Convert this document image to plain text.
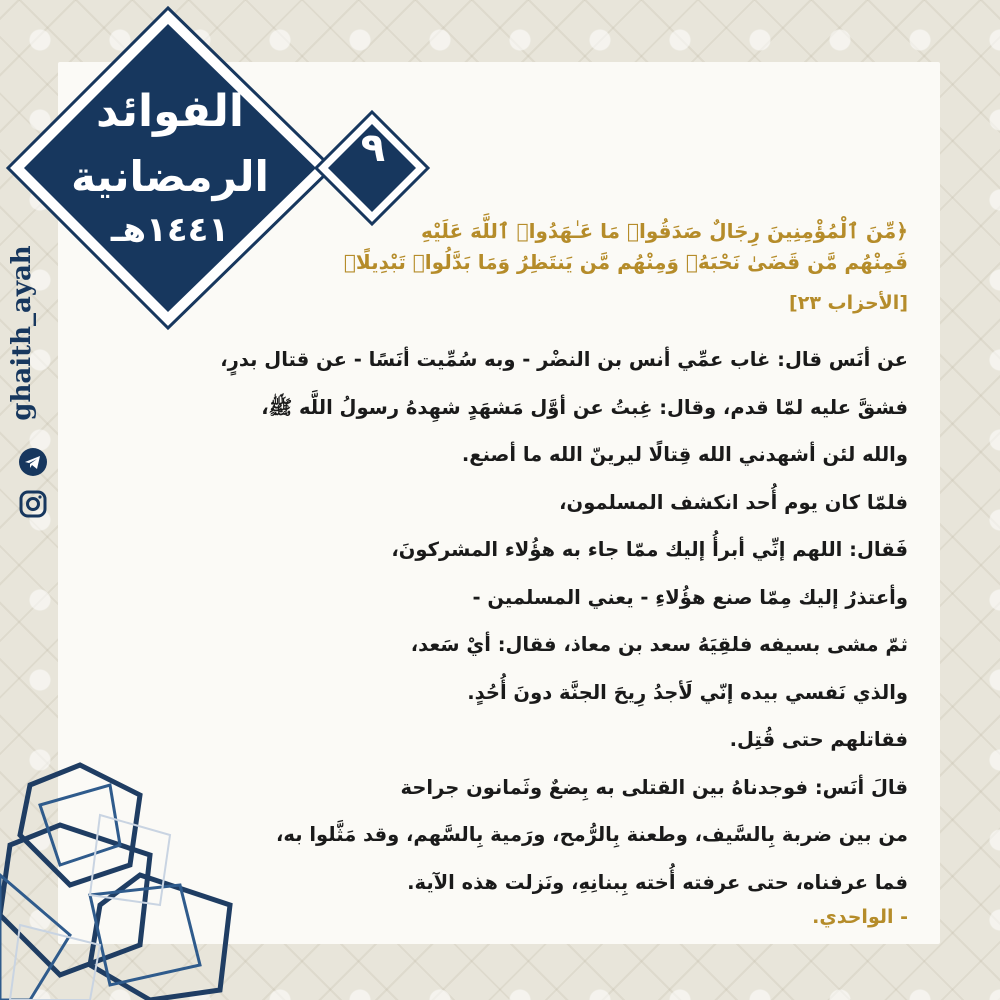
الفوائد
الرمضانية
١٤٤١هـ
٩
ghaith_ayah
﴿مِّنَ ٱلْمُؤْمِنِينَ رِجَالٌ صَدَقُوا۟ مَا عَـٰهَدُوا۟ ٱللَّهَ عَلَيْهِ
فَمِنْهُم مَّن قَضَىٰ نَحْبَهُۥ وَمِنْهُم مَّن يَنتَظِرُ وَمَا بَدَّلُوا۟ تَبْدِيلًا﴾
[الأحزاب ٢٣]
عن أنَس قال: غاب عمِّي أنس بن النضْر - وبه سُمِّيت أنَسًا - عن قتال بدرٍ،
فشقَّ عليه لمّا قدم، وقال: غِبتُ عن أوَّل مَشهَدٍ شهِدهُ رسولُ اللَّه ﷺ،
والله لئن أشهدني الله قِتالًا ليرينّ الله ما أصنع.
فلمّا كان يوم أُحد انكشف المسلمون،
فَقال: اللهم إنِّي أبرأُ إليك ممّا جاء به هؤُلاء المشركونَ،
وأعتذرُ إليك مِمّا صنع هؤُلاءِ - يعني المسلمين -
ثمّ مشى بسيفه فلقِيَهُ سعد بن معاذ، فقال: أيْ سَعد،
والذي نَفسي بيده إنّي لَأجدُ رِيحَ الجنَّة دونَ أُحُدٍ.
فقاتلهم حتى قُتِل.
قالَ أنَس: فوجدناهُ بين القتلى به بِضعٌ وثَمانون جراحة
من بين ضربة بِالسَّيف، وطعنة بِالرُّمح، ورَمية بِالسَّهم، وقد مَثَّلوا به،
فما عرفناه، حتى عرفته أُخته بِبنانِهِ، ونَزلت هذه الآية.
- الواحدي.
